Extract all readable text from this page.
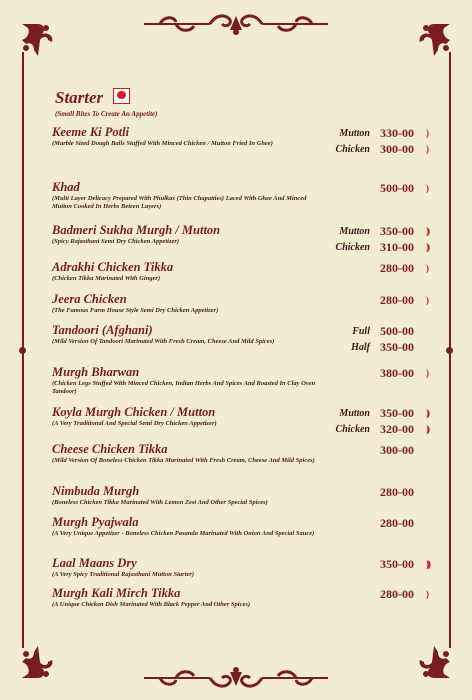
Starter
(Small Bites To Create An Appetite)
Keeme Ki Potli
(Marble Sized Dough Balls Stuffed With Minced Chicken / Mutton Fried In Ghee)
Mutton 330-00	)
Chicken 300-00	)
Khad
(Multi Layer Delicacy Prepared With Phulkas (Thin Chapatties) Laced With Ghee And Minced Mutton Cooked In Herbs Beteen Layers)
500-00	)
Badmeri Sukha Murgh / Mutton
(Spicy Rajasthani Semi Dry Chicken Appetizer)
Mutton 350-00	))
Chicken 310-00	))
Adrakhi Chicken Tikka
(Chicken Tikka Marinated With Ginger)
280-00	)
Jeera Chicken
(The Famous Farm House Style Semi Dry Chicken Appetizer)
280-00	)
Tandoori (Afghani)
(Mild Version Of Tandoori Marinated With Fresh Cream, Cheese And Mild Spices)
Full 500-00
Half 350-00
Murgh Bharwan
(Chicken Legs Stuffed With Minced Chicken, Indian Herbs And Spices And Roasted In Clay Oven Tandoor)
380-00	)
Koyla Murgh Chicken / Mutton
(A Very Traditional And Special Semi Dry Chicken Appetizer)
Mutton 350-00	))
Chicken 320-00	))
Cheese Chicken Tikka
(Mild Version Of Boneless Chicken Tikka Marinated With Fresh Cream, Cheese And Mild Spices)
300-00
Nimbuda Murgh
(Boneless Chicken Tikka Marinated With Lemon Zest And Other Special Spices)
280-00
Murgh Pyajwala
(A Very Unique Appetizer - Boneless Chicken Pasanda Marinated With Onion And Special Sauce)
280-00
Laal Maans Dry
(A Very Spicy Traditional Rajasthani Mutton Starter)
350-00	)))
Murgh Kali Mirch Tikka
(A Unique Chicken Dish Marinated With Black Pepper And Other Spices)
280-00	)
